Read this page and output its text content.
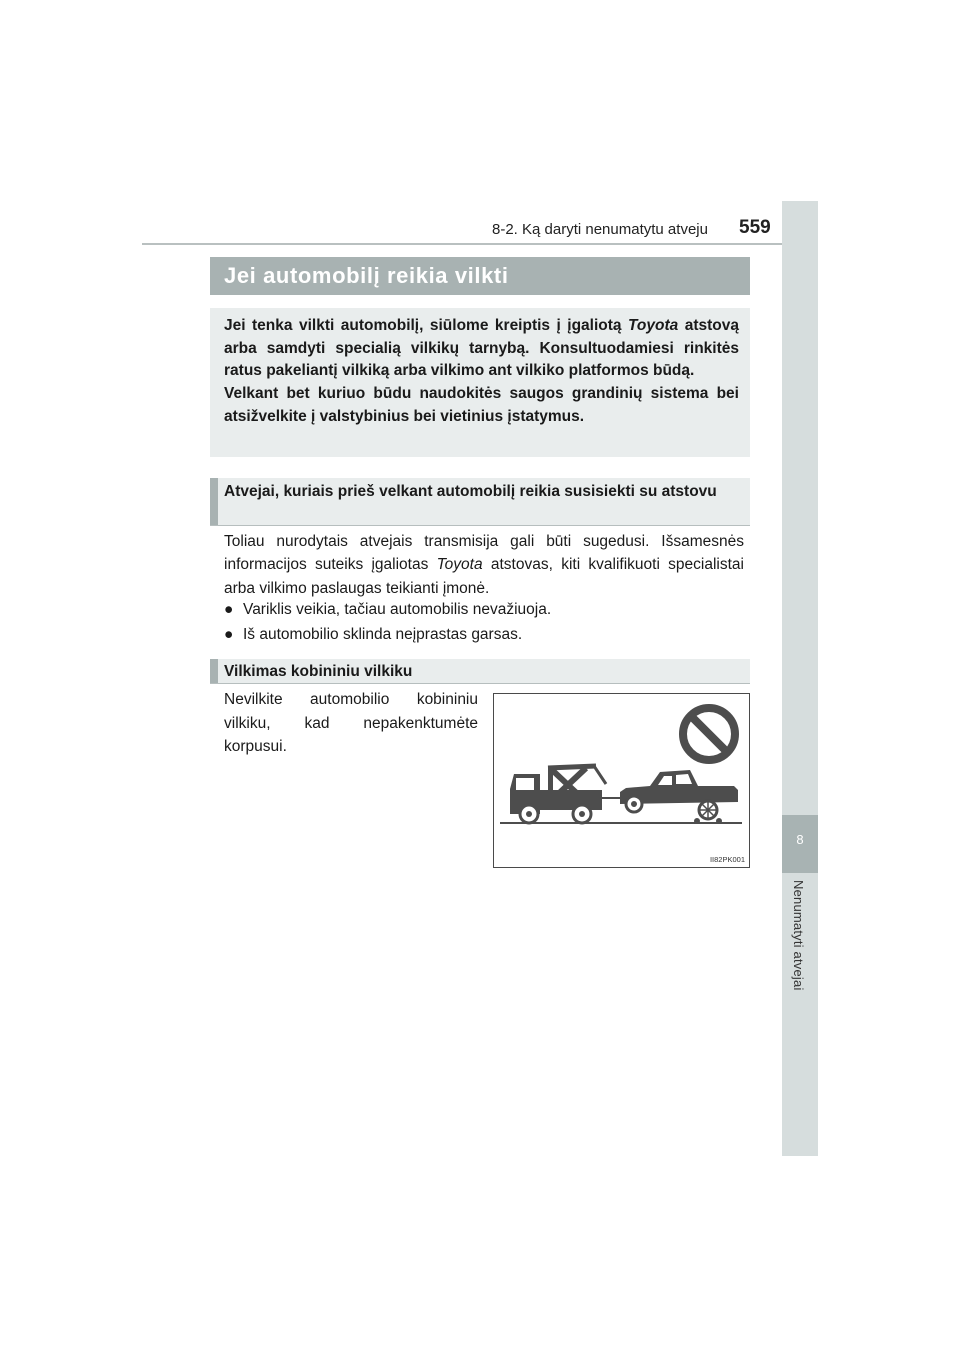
8-2. Ką daryti nenumatytu atveju 559
8
Nenumatyti atvejai
Jei automobilį reikia vilkti

Jei tenka vilkti automobilį, siūlome kreiptis į įgaliotą Toyota atstovą arba samdyti specialią vilkikų tarnybą. Konsultuodamiesi rinkitės ratus pakeliantį vilkiką arba vilkimo ant vilkiko platformos būdą.

Velkant bet kuriuo būdu naudokitės saugos grandinių sistema bei atsižvelkite į valstybinius bei vietinius įstatymus.

Atvejai, kuriais prieš velkant automobilį reikia susisiekti su atstovu

Toliau nurodytais atvejais transmisija gali būti sugedusi. Išsamesnės informacijos suteiks įgaliotas Toyota atstovas, kiti kvalifikuoti specialistai arba vilkimo paslaugas teikianti įmonė.

● Variklis veikia, tačiau automobilis nevažiuoja.
● Iš automobilio sklinda neįprastas garsas.
Vilkimas kobininiu vilkiku

Nevilkite automobilio kobininiu vilkiku, kad nepakenktumėte korpusui.

II82PK001
